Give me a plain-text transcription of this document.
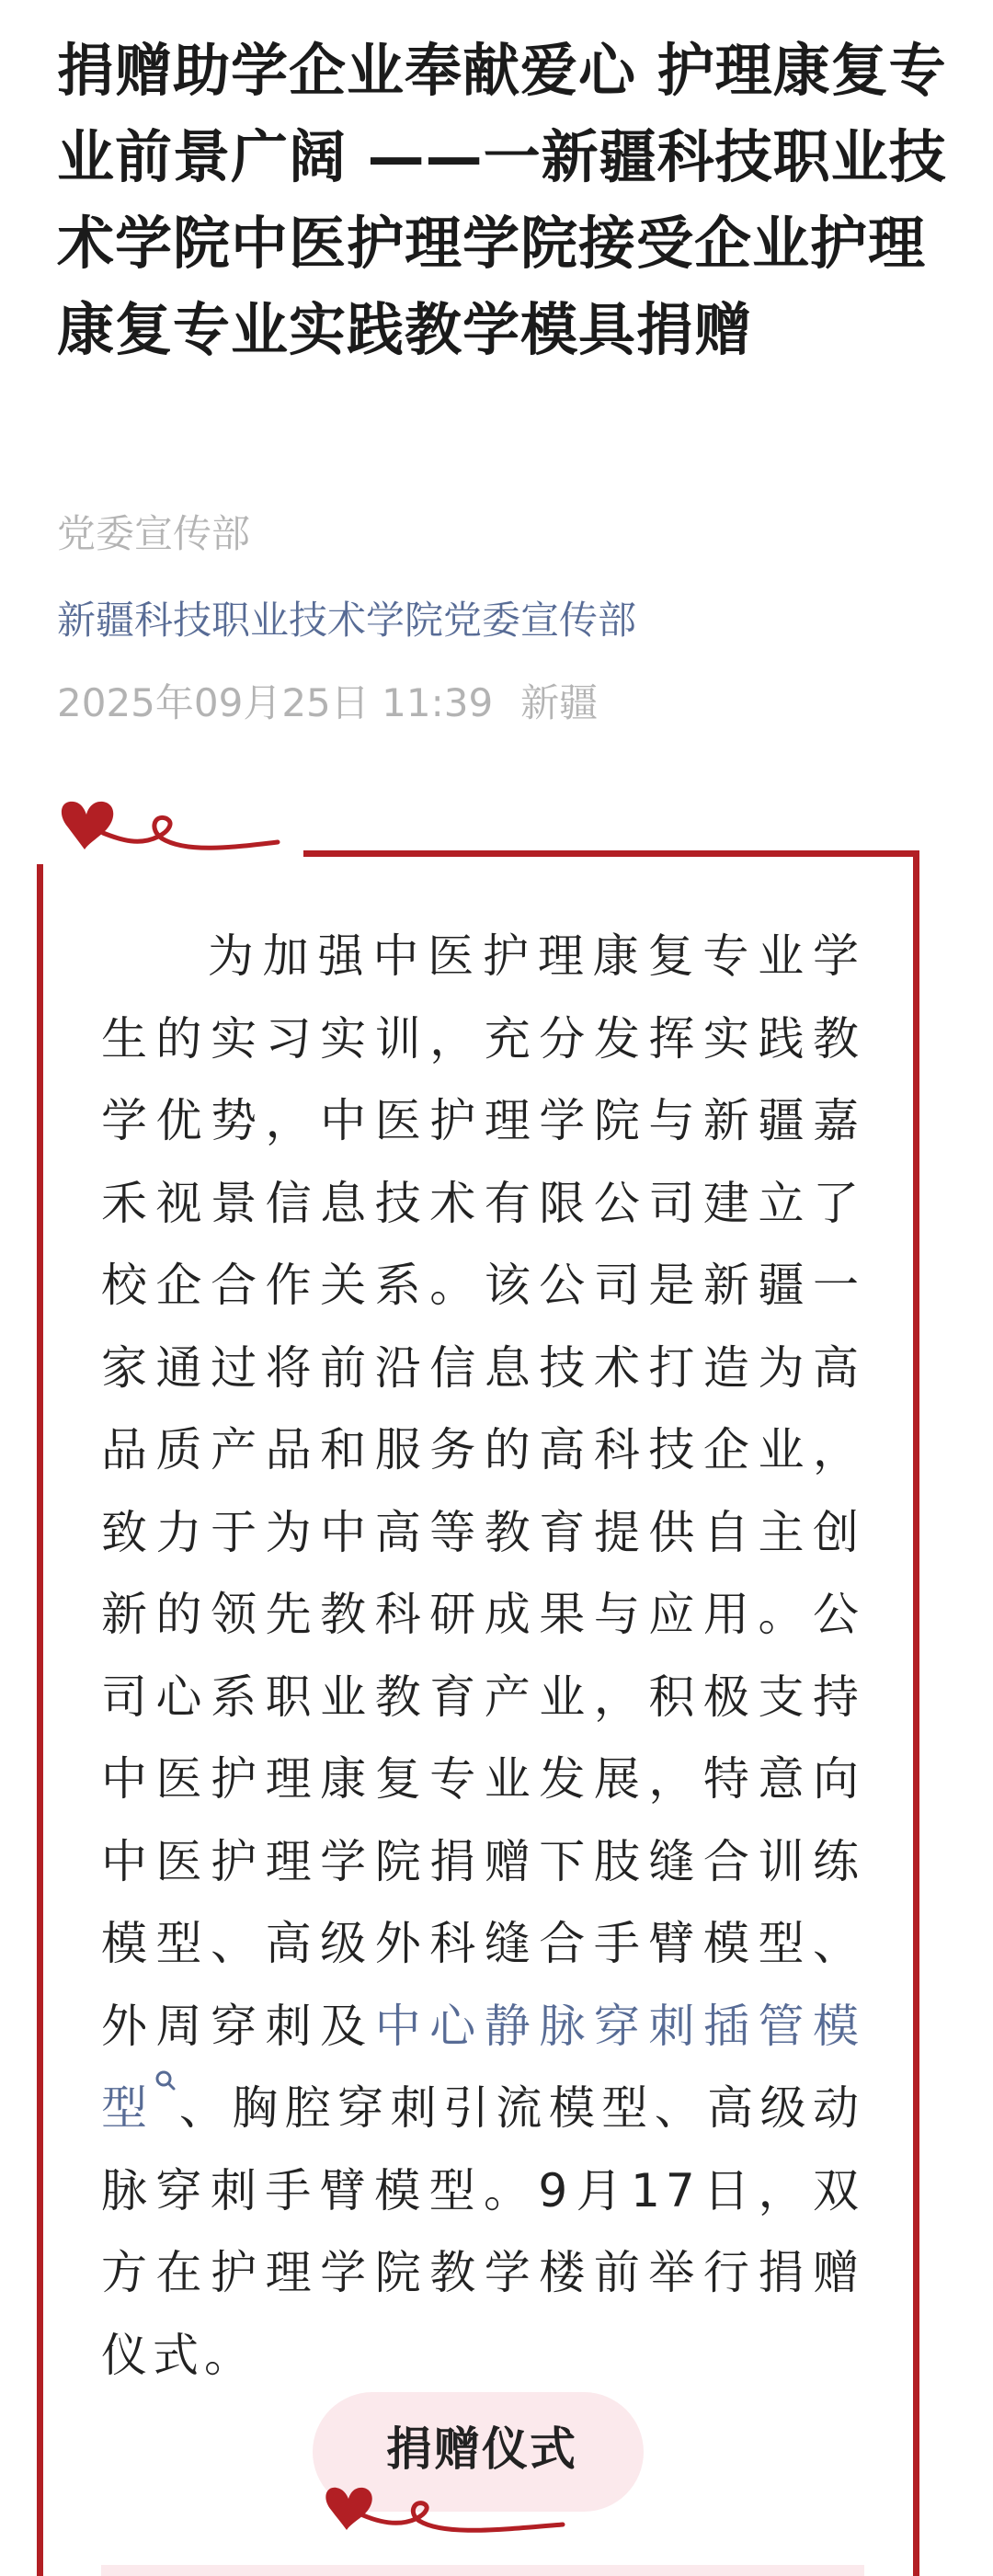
捐赠助学企业奉献爱心 护理康复专业前景广阔 ——一新疆科技职业技术学院中医护理学院接受企业护理康复专业实践教学模具捐赠
党委宣传部
新疆科技职业技术学院党委宣传部
2025年09月25日 11:39 新疆

为加强中医护理康复专业学生的实习实训，充分发挥实践教学优势，中医护理学院与新疆嘉禾视景信息技术有限公司建立了校企合作关系。该公司是新疆一家通过将前沿信息技术打造为高品质产品和服务的高科技企业，致力于为中高等教育提供自主创新的领先教科研成果与应用。公司心系职业教育产业，积极支持中医护理康复专业发展，特意向中医护理学院捐赠下肢缝合训练模型、高级外科缝合手臂模型、外周穿刺及中心静脉穿刺插管模型 、胸腔穿刺引流模型、高级动脉穿刺手臂模型。9月17日，双方在护理学院教学楼前举行捐赠仪式。

捐赠仪式
